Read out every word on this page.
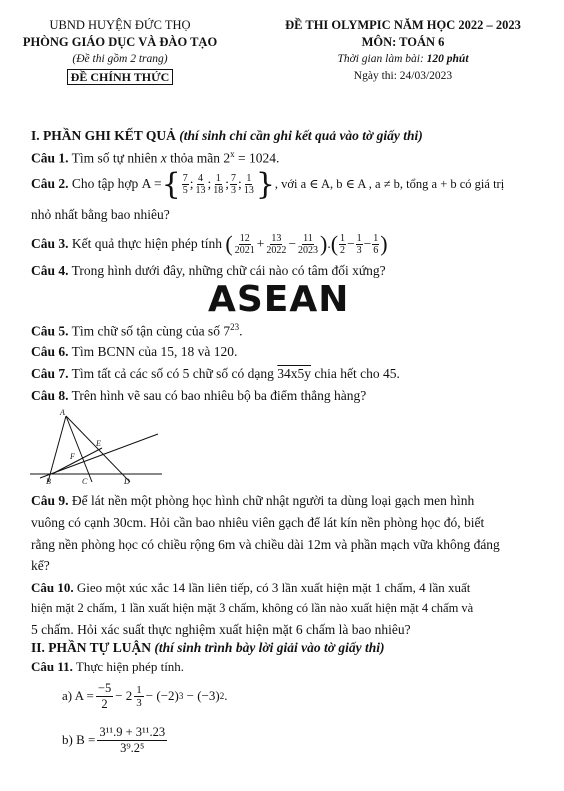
UBND HUYỆN ĐỨC THỌ
PHÒNG GIÁO DỤC VÀ ĐÀO TẠO
(Đề thi gồm 2 trang)
ĐỀ CHÍNH THỨC
ĐỀ THI OLYMPIC NĂM HỌC 2022 – 2023
MÔN: TOÁN 6
Thời gian làm bài: 120 phút
Ngày thi: 24/03/2023
I. PHẦN GHI KẾT QUẢ (thí sinh chỉ cần ghi kết quả vào tờ giấy thi)
Câu 1. Tìm số tự nhiên x thỏa mãn $2^x = 1024$.
Câu 2.
Cho tập hợp
A = { $\frac{7}{5}$ ; $\frac{4}{13}$ ; $\frac{1}{18}$ ; $\frac{7}{3}$ ; $\frac{1}{13}$ } , với a ∈ A, b ∈ A , a ≠ b, tổng a + b có giá trị
nhỏ nhất bằng bao nhiêu?
Câu 3.
Kết quả thực hiện phép tính
( $\frac{12}{2021} + \frac{13}{2022} - \frac{11}{2023}$ ) . ( $\frac{1}{2} - \frac{1}{3} - \frac{1}{6}$ )
Câu 4. Trong hình dưới đây, những chữ cái nào có tâm đối xứng?
ASEAN
Câu 5. Tìm chữ số tận cùng của số $7^{23}$.
Câu 6. Tìm BCNN của 15, 18 và 120.
Câu 7. Tìm tất cả các số có 5 chữ số có dạng 34x5y chia hết cho 45.
Câu 8. Trên hình vẽ sau có bao nhiêu bộ ba điểm thẳng hàng?
A
E
F
B	C	D
Câu 9. Để lát nền một phòng học hình chữ nhật người ta dùng loại gạch men hình
vuông có cạnh 30cm. Hỏi cần bao nhiêu viên gạch để lát kín nền phòng học đó, biết
rằng nền phòng học có chiều rộng 6m và chiều dài 12m và phần mạch vữa không đáng
kể?
Câu 10. Gieo một xúc xắc 14 lần liên tiếp, có 3 lần xuất hiện mặt 1 chấm, 4 lần xuất
hiện mặt 2 chấm, 1 lần xuất hiện mặt 3 chấm, không có lần nào xuất hiện mặt 4 chấm và
5 chấm. Hỏi xác suất thực nghiệm xuất hiện mặt 6 chấm là bao nhiêu?
II. PHẦN TỰ LUẬN (thí sinh trình bày lời giải vào tờ giấy thi)
Câu 11. Thực hiện phép tính.
a) $A = \frac{-5}{2} - 2$ 1
3 − (−2) 3
− (−3) 2 .
b) $B = \frac{\text{3¹¹.9 + 3¹¹.23}}{\text{3⁹.2⁵}}$
